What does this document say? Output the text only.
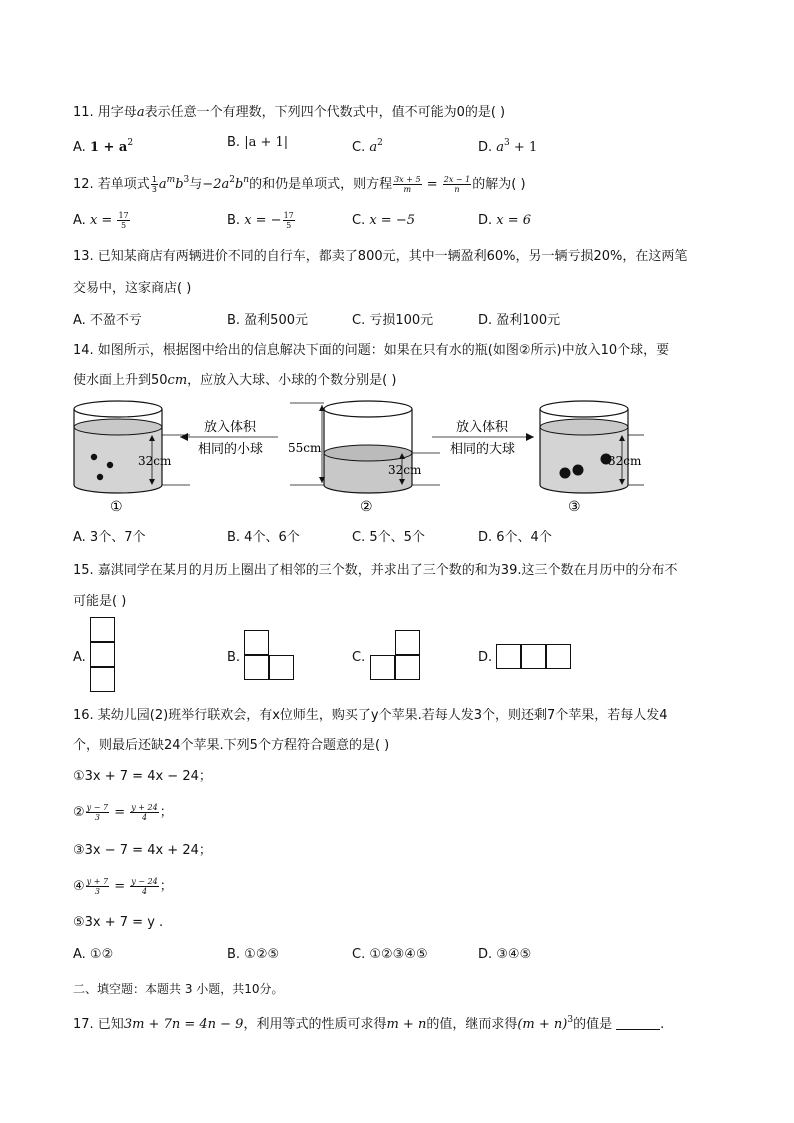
11. 用字母a表示任意一个有理数，下列四个代数式中，值不可能为0的是( )
A. $1 + a^2$	B. |a + 1|	C. $a^2$	D. $a^3 + 1$
12. 若单项式 $\frac{1}{3} a^mb^3$与$-2a^2b^n$的和仍是单项式，则方程 $\frac{3x + 5}{m} = \frac{2x - 1}{n}$ 的解为( )
A. $x = \frac{17}{5}$	B. x = − $\frac{17}{5}$	C. x = −5	D. x = 6
13. 已知某商店有两辆进价不同的自行车，都卖了800元，其中一辆盈利60%，另一辆亏损20%，在这两笔
交易中，这家商店( )
A. 不盈不亏	B. 盈利500元	C. 亏损100元	D. 盈利100元
14. 如图所示，根据图中给出的信息解决下面的问题：如果在只有水的瓶(如图②所示)中放入10个球，要
使水面上升到50cm，应放入大球、小球的个数分别是( )
32cm
①
放入体积
相同的小球 55cm
32cm
②
放入体积
相同的大球
32cm
③
A. 3个、7个	B. 4个、6个	C. 5个、5个	D. 6个、4个
15. 嘉淇同学在某月的月历上圈出了相邻的三个数，并求出了三个数的和为39.这三个数在月历中的分布不
可能是( )
A.	B.	C.	D.
16. 某幼儿园(2)班举行联欢会，有x位师生，购买了y个苹果.若每人发3个，则还剩7个苹果，若每人发4
个，则最后还缺24个苹果.下列5个方程符合题意的是( )
①3x + 7 = 4x − 24；
② $\frac{y - 7}{3} = \frac{y + 24}{4}$ ；
③3x − 7 = 4x + 24；
④ $\frac{y + 7}{3} = \frac{y - 24}{4}$ ；
⑤3x + 7 = y .
A. ①②	B. ①②⑤	C. ①②③④⑤	D. ③④⑤
二、填空题：本题共 3 小题，共10分。
17. 已知3m + 7n = 4n − 9，利用等式的性质可求得m + n的值，继而求得$(m + n)^3$的值是	.
